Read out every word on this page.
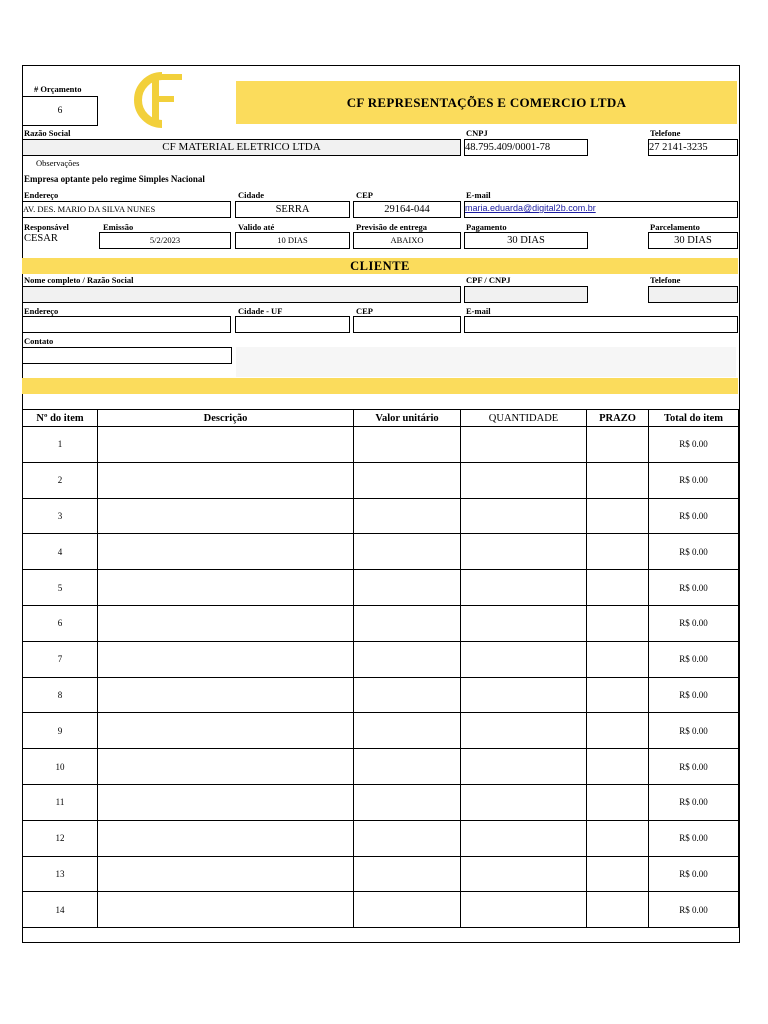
# Orçamento
6
CF REPRESENTAÇÕES E COMERCIO LTDA
Razão Social	CNPJ	Telefone
CF MATERIAL ELETRICO LTDA	48.795.409/0001-78	27 2141-3235
Observações
Empresa optante pelo regime Simples Nacional
Endereço	Cidade	CEP	E-mail
AV. DES. MARIO DA SILVA NUNES	SERRA	29164-044	maria.eduarda@digital2b.com.br
Responsável	Emissão	Valido até	Previsão de entrega	Pagamento	Parcelamento
CESAR	5/2/2023	10 DIAS	ABAIXO	30 DIAS	30 DIAS
CLIENTE
Nome completo / Razão Social	CPF / CNPJ	Telefone
Endereço	Cidade - UF	CEP	E-mail
Contato
Nº do item	Descrição	Valor unitário	QUANTIDADE	PRAZO	Total do item
1					R$ 0.00
2					R$ 0.00
3					R$ 0.00
4					R$ 0.00
5					R$ 0.00
6					R$ 0.00
7					R$ 0.00
8					R$ 0.00
9					R$ 0.00
10					R$ 0.00
11					R$ 0.00
12					R$ 0.00
13					R$ 0.00
14					R$ 0.00
